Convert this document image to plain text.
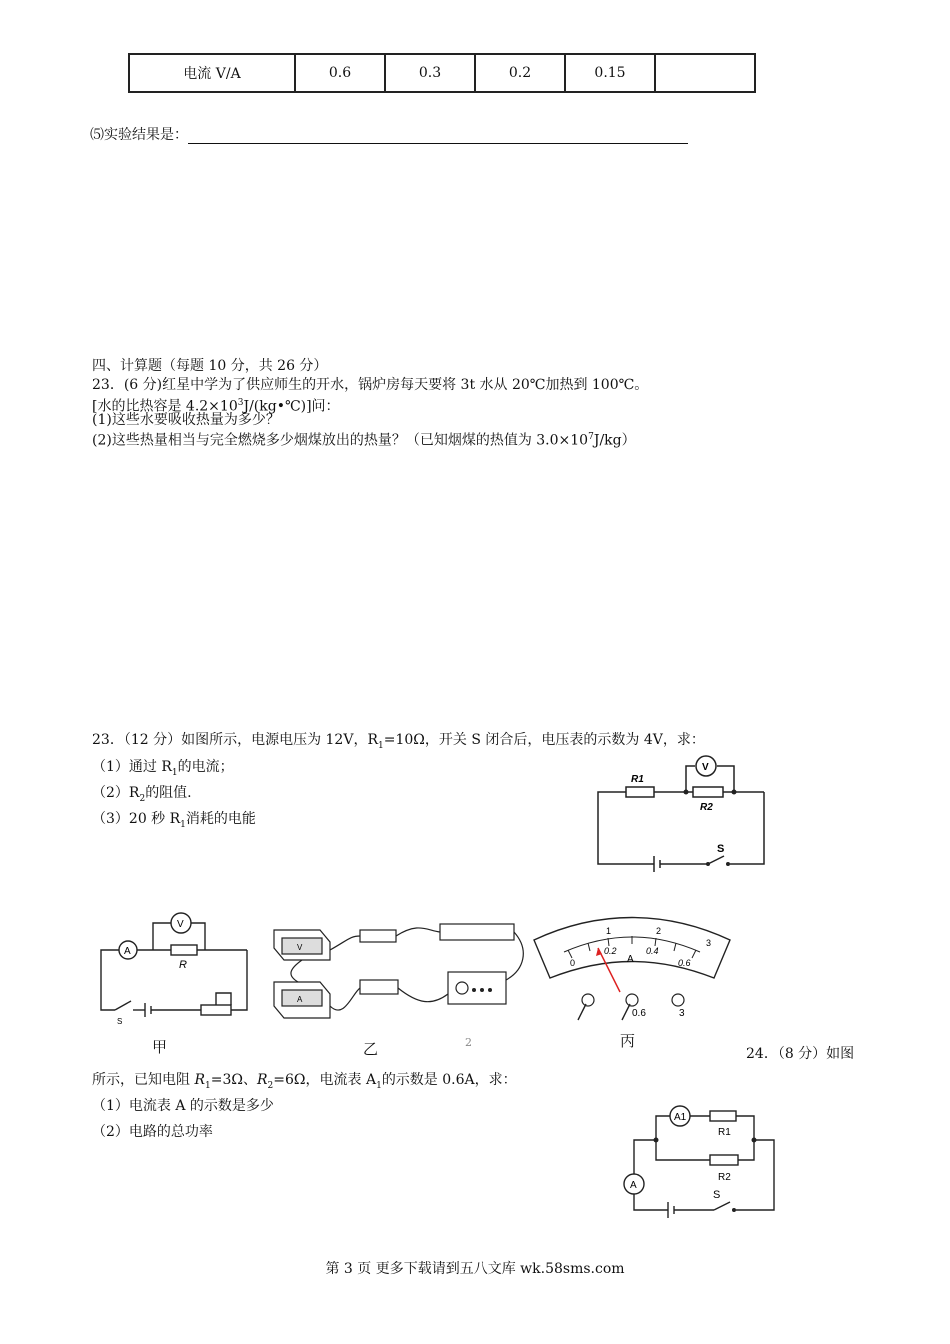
电流 V/A	0.6	0.3	0.2	0.15	
⑸实验结果是：
四、计算题（每题 10 分，共 26 分）
23．(6 分)红星中学为了供应师生的开水，锅炉房每天要将 3t 水从 20℃加热到 100℃。
[水的比热容是 $4.2\times 10^3J/(kg•℃)$]问：
(1)这些水要吸收热量为多少？
(2)这些热量相当与完全燃烧多少烟煤放出的热量？（已知烟煤的热值为 $3.0\times 10^7J/kg$）
23．（12 分）如图所示，电源电压为 12V，$R_1=10\Omega$，开关 S 闭合后，电压表的示数为 4V，求：
（1）通过 $R_1$的电流；
$(2)R_2$的阻值.
（3）20 秒 $R_1$消耗的电能
R1
R2
V
S
A
V
R
S
V
A
1	2
3
0
0.2	0.4
0.6
A
0.6	3
甲	乙	2	丙
24．（8 分）如图
所示，已知电阻 $R_1=3\Omega$、$R_2=6\Omega$，电流表 $A_1$的示数是 0.6A，求：
（1）电流表 A 的示数是多少
（2）电路的总功率
A1
A
R1
R2
S
第 3 页 更多下载请到五八文库 wk.58sms.com
